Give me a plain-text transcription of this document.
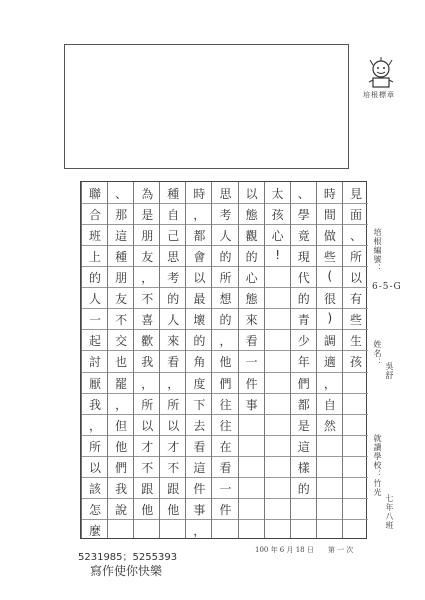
培根標章
見
面
、
所
以
有
些
生
孩
時
間
做
些
(
很
)
調
適
，
自
然
、
學
竟
現
代
的
青
少
年
們
都
是
這
樣
的
太
孩
心
!
以
態
觀
的
心
態
來
看
一
件
事
思
考
人
的
所
想
的
，
他
們
往
往
在
看
一
件
時
，
都
會
以
最
壞
的
角
度
下
去
看
這
件
事
，
種
自
己
思
考
的
人
來
看
，
所
以
才
不
跟
他
為
是
朋
友
，
不
喜
歡
我
，
所
以
才
不
跟
他
、
那
這
種
朋
友
不
交
也
罷
，
但
他
們
我
說
聯
合
班
上
的
人
一
起
討
厭
我
，
所
以
該
怎
麼
培根編號：
6-5-G
姓名：
吳舒
就讀學校：竹光
七年八班
100 年 6 月 18 日　　第 一 次
5231985；5255393
寫作使你快樂
